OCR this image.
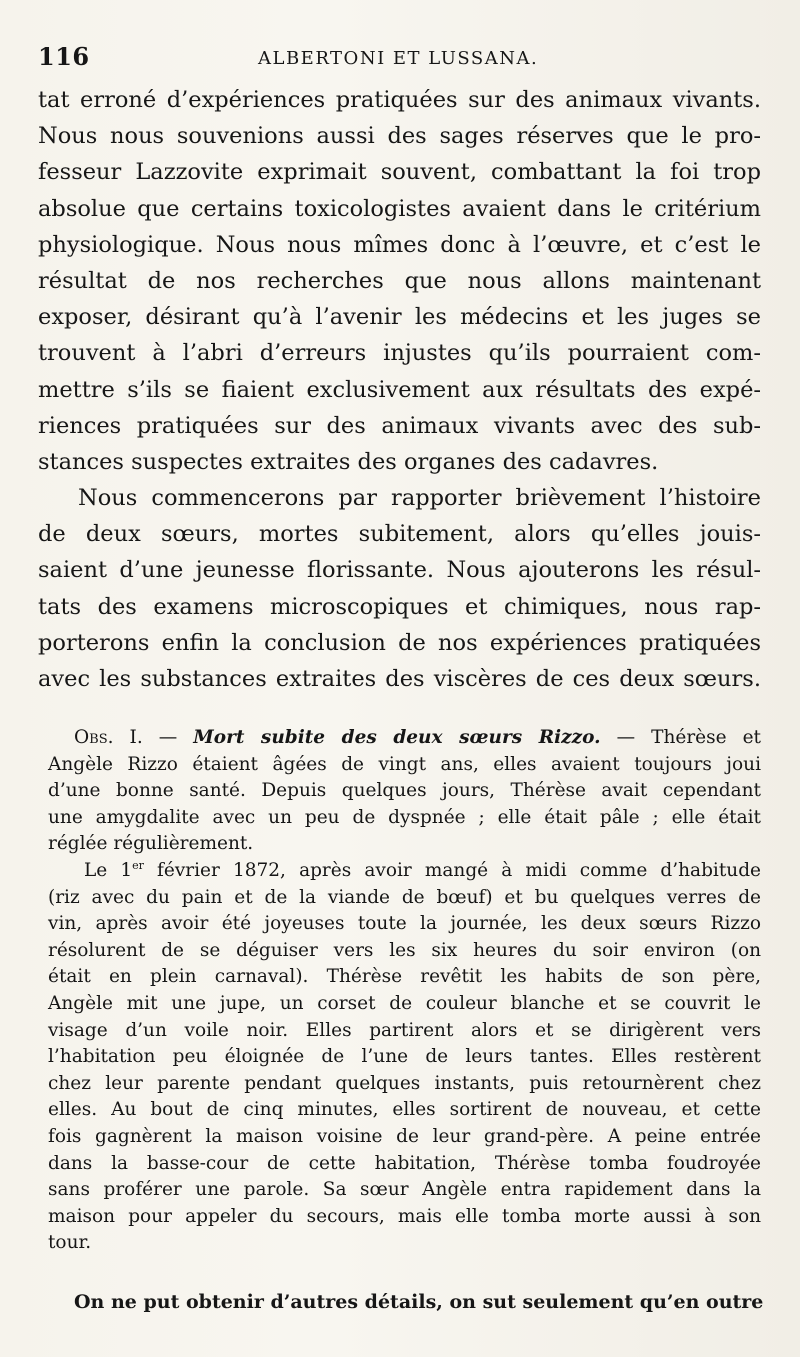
116	ALBERTONI ET LUSSANA.
tat erroné d’expériences pratiquées sur des animaux vivants.
Nous nous souvenions aussi des sages réserves que le pro-
fesseur Lazzovite exprimait souvent, combattant la foi trop
absolue que certains toxicologistes avaient dans le critérium
physiologique. Nous nous mîmes donc à l’œuvre, et c’est le
résultat de nos recherches que nous allons maintenant
exposer, désirant qu’à l’avenir les médecins et les juges se
trouvent à l’abri d’erreurs injustes qu’ils pourraient com-
mettre s’ils se fiaient exclusivement aux résultats des expé-
riences pratiquées sur des animaux vivants avec des sub-
stances suspectes extraites des organes des cadavres.
Nous commencerons par rapporter brièvement l’histoire
de deux sœurs, mortes subitement, alors qu’elles jouis-
saient d’une jeunesse florissante. Nous ajouterons les résul-
tats des examens microscopiques et chimiques, nous rap-
porterons enfin la conclusion de nos expériences pratiquées
avec les substances extraites des viscères de ces deux sœurs.
Obs. I. — Mort subite des deux sœurs Rizzo. — Thérèse et
Angèle Rizzo étaient âgées de vingt ans, elles avaient toujours joui
d’une bonne santé. Depuis quelques jours, Thérèse avait cependant
une amygdalite avec un peu de dyspnée ; elle était pâle ; elle était
réglée régulièrement.
Le 1er février 1872, après avoir mangé à midi comme d’habitude
(riz avec du pain et de la viande de bœuf) et bu quelques verres de
vin, après avoir été joyeuses toute la journée, les deux sœurs Rizzo
résolurent de se déguiser vers les six heures du soir environ (on
était en plein carnaval). Thérèse revêtit les habits de son père,
Angèle mit une jupe, un corset de couleur blanche et se couvrit le
visage d’un voile noir. Elles partirent alors et se dirigèrent vers
l’habitation peu éloignée de l’une de leurs tantes. Elles restèrent
chez leur parente pendant quelques instants, puis retournèrent chez
elles. Au bout de cinq minutes, elles sortirent de nouveau, et cette
fois gagnèrent la maison voisine de leur grand-père. A peine entrée
dans la basse-cour de cette habitation, Thérèse tomba foudroyée
sans proférer une parole. Sa sœur Angèle entra rapidement dans la
maison pour appeler du secours, mais elle tomba morte aussi à son
tour.
On ne put obtenir d’autres détails, on sut seulement qu’en outre
